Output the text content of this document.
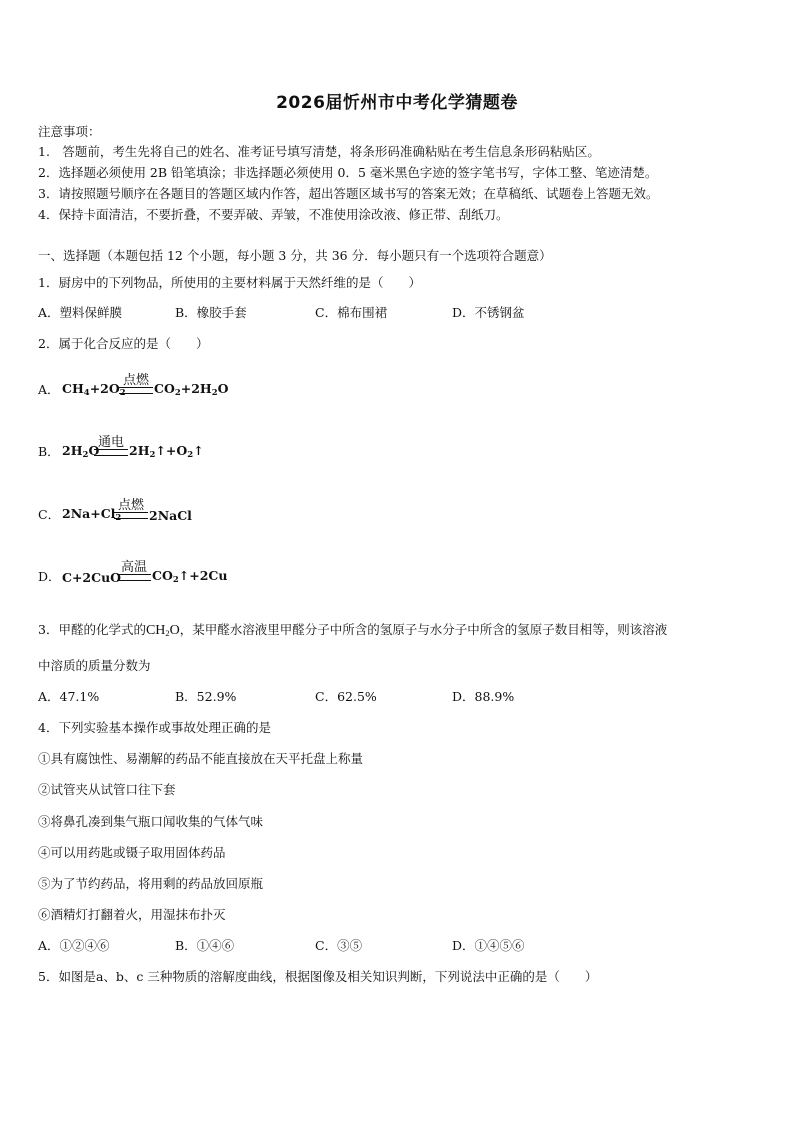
2026届忻州市中考化学猜题卷
注意事项：
1.　答题前，考生先将自己的姓名、准考证号填写清楚，将条形码准确粘贴在考生信息条形码粘贴区。
2．选择题必须使用 2B 铅笔填涂；非选择题必须使用 0．5 毫米黑色字迹的签字笔书写，字体工整、笔迹清楚。
3．请按照题号顺序在各题目的答题区域内作答，超出答题区域书写的答案无效；在草稿纸、试题卷上答题无效。
4．保持卡面清洁，不要折叠，不要弄破、弄皱，不准使用涂改液、修正带、刮纸刀。
一、选择题（本题包括 12 个小题，每小题 3 分，共 36 分．每小题只有一个选项符合题意）
1．厨房中的下列物品，所使用的主要材料属于天然纤维的是（　　）
A．塑料保鲜膜	B．橡胶手套	C．棉布围裙	D．不锈钢盆
2．属于化合反应的是（　　）
A． $CH_4+2O_2$
点燃
$CO_2+2H_2O$
B． $2H_2O$
通电
$2H_2↑+O_2↑$
C． $2Na+Cl_2$
点燃
2NaCl
D． C+2CuO
高温
$CO_2↑+2Cu$
3．甲醛的化学式的$CH_2O$，某甲醛水溶液里甲醛分子中所含的氢原子与水分子中所含的氢原子数目相等，则该溶液
中溶质的质量分数为
A．47.1%	B．52.9%	C．62.5%	D．88.9%
4．下列实验基本操作或事故处理正确的是
①具有腐蚀性、易潮解的药品不能直接放在天平托盘上称量
②试管夹从试管口往下套
③将鼻孔凑到集气瓶口闻收集的气体气味
④可以用药匙或镊子取用固体药品
⑤为了节约药品，将用剩的药品放回原瓶
⑥酒精灯打翻着火，用湿抹布扑灭
A．①②④⑥	B．①④⑥	C．③⑤	D．①④⑤⑥
5．如图是a、b、c 三种物质的溶解度曲线，根据图像及相关知识判断，下列说法中正确的是（　　）
